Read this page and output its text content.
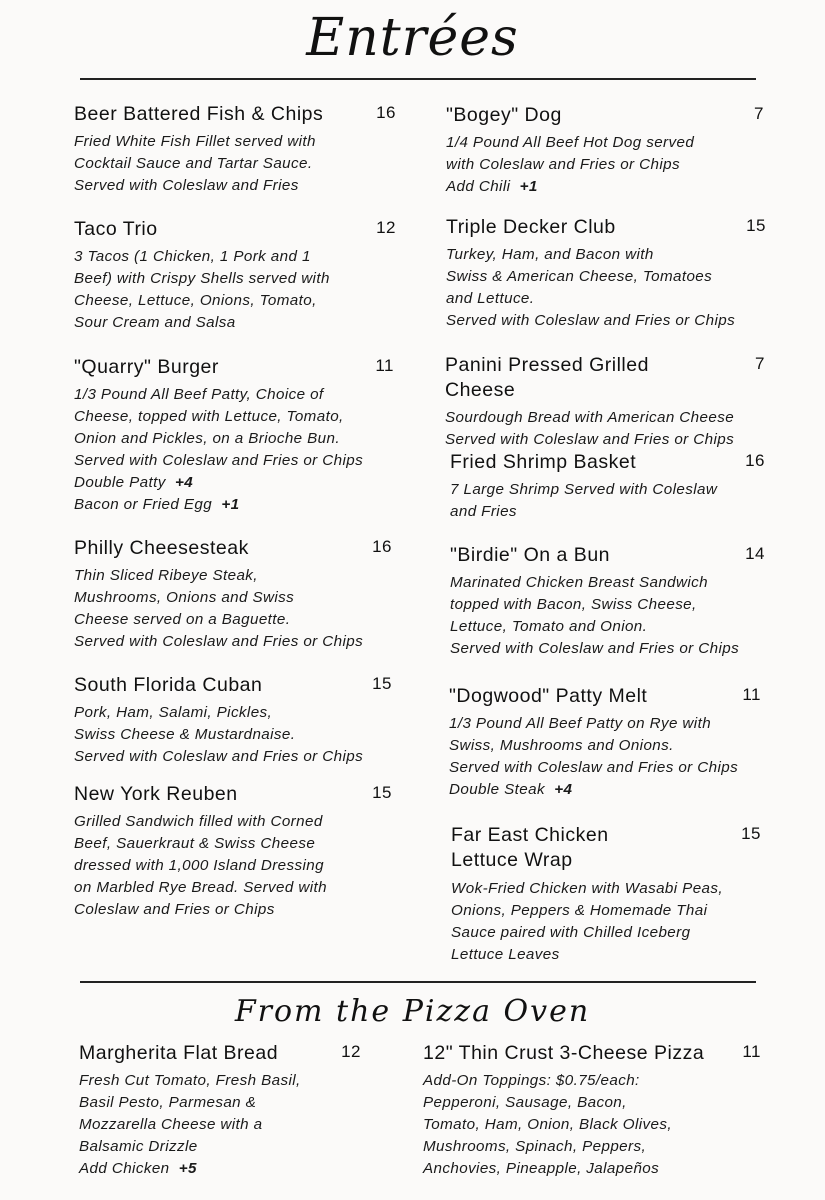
Entrées
Beer Battered Fish & Chips	16
Fried White Fish Fillet served with
Cocktail Sauce and Tartar Sauce.
Served with Coleslaw and Fries
Taco Trio	12
3 Tacos (1 Chicken, 1 Pork and 1
Beef) with Crispy Shells served with
Cheese, Lettuce, Onions, Tomato,
Sour Cream and Salsa
"Quarry" Burger	11
1/3 Pound All Beef Patty, Choice of
Cheese, topped with Lettuce, Tomato,
Onion and Pickles, on a Brioche Bun.
Served with Coleslaw and Fries or Chips
Double Patty +4
Bacon or Fried Egg +1
Philly Cheesesteak	16
Thin Sliced Ribeye Steak,
Mushrooms, Onions and Swiss
Cheese served on a Baguette.
Served with Coleslaw and Fries or Chips
South Florida Cuban	15
Pork, Ham, Salami, Pickles,
Swiss Cheese & Mustardnaise.
Served with Coleslaw and Fries or Chips
New York Reuben	15
Grilled Sandwich filled with Corned
Beef, Sauerkraut & Swiss Cheese
dressed with 1,000 Island Dressing
on Marbled Rye Bread. Served with
Coleslaw and Fries or Chips
"Bogey" Dog	7
1/4 Pound All Beef Hot Dog served
with Coleslaw and Fries or Chips
Add Chili +1
Triple Decker Club	15
Turkey, Ham, and Bacon with
Swiss & American Cheese, Tomatoes
and Lettuce.
Served with Coleslaw and Fries or Chips
Panini Pressed Grilled Cheese
7
Sourdough Bread with American Cheese
Served with Coleslaw and Fries or Chips
Fried Shrimp Basket	16
7 Large Shrimp Served with Coleslaw
and Fries
"Birdie" On a Bun	14
Marinated Chicken Breast Sandwich
topped with Bacon, Swiss Cheese,
Lettuce, Tomato and Onion.
Served with Coleslaw and Fries or Chips
"Dogwood" Patty Melt	11
1/3 Pound All Beef Patty on Rye with
Swiss, Mushrooms and Onions.
Served with Coleslaw and Fries or Chips
Double Steak +4
Far East Chicken Lettuce Wrap
15
Wok-Fried Chicken with Wasabi Peas,
Onions, Peppers & Homemade Thai
Sauce paired with Chilled Iceberg
Lettuce Leaves
From the Pizza Oven
Margherita Flat Bread	12
Fresh Cut Tomato, Fresh Basil,
Basil Pesto, Parmesan &
Mozzarella Cheese with a
Balsamic Drizzle
Add Chicken +5
12" Thin Crust 3-Cheese Pizza 11
Add-On Toppings: $0.75/each:
Pepperoni, Sausage, Bacon,
Tomato, Ham, Onion, Black Olives,
Mushrooms, Spinach, Peppers,
Anchovies, Pineapple, Jalapeños
